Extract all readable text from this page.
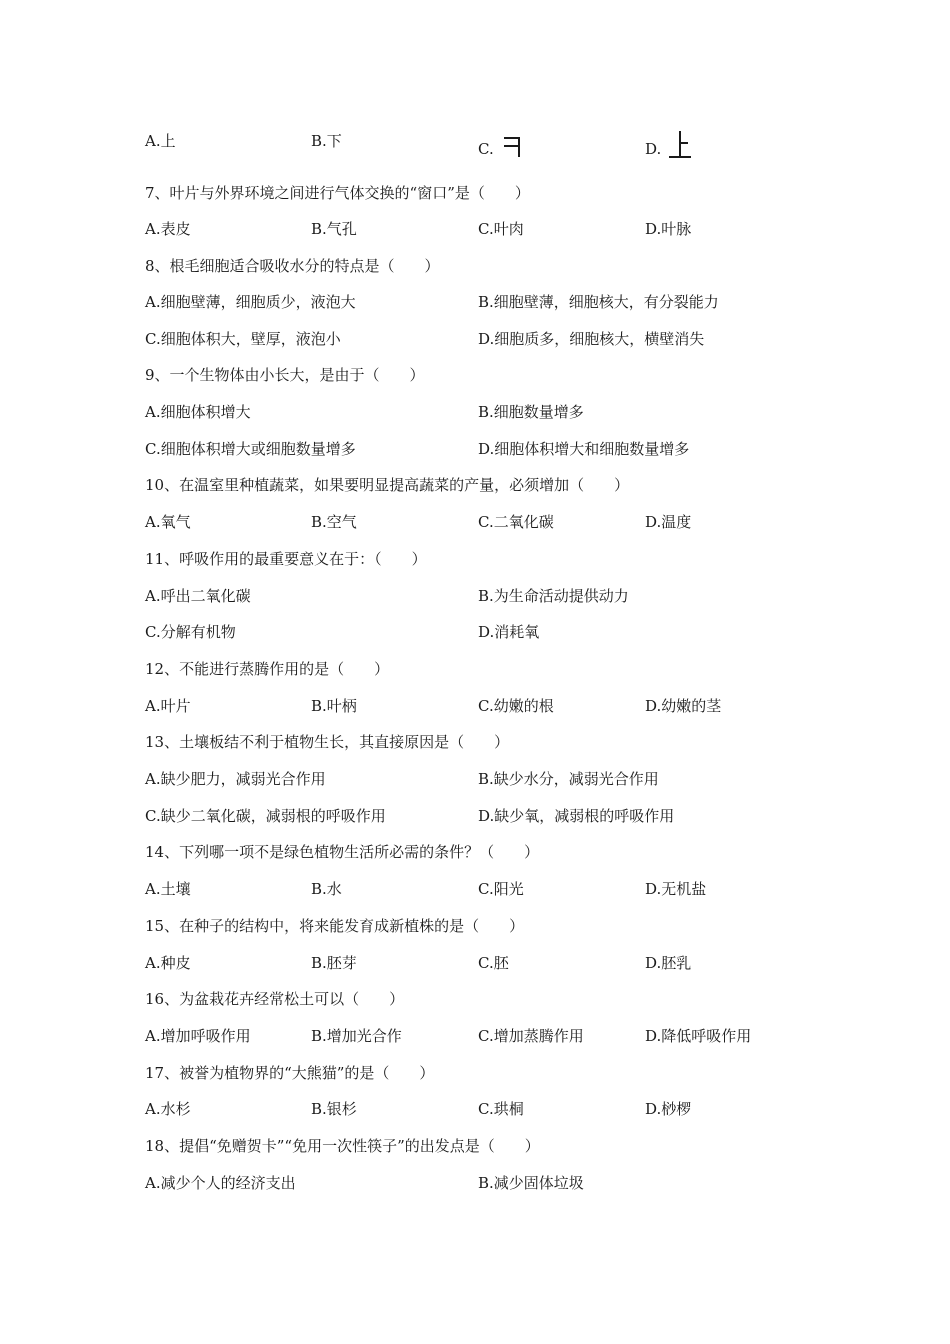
A.上	B.下	C.	D.
7、叶片与外界环境之间进行气体交换的“窗口”是（　　）
A.表皮	B.气孔	C.叶肉	D.叶脉
8、根毛细胞适合吸收水分的特点是（　　）
A.细胞壁薄，细胞质少，液泡大	B.细胞壁薄，细胞核大，有分裂能力
C.细胞体积大，壁厚，液泡小	D.细胞质多，细胞核大，横壁消失
9、一个生物体由小长大，是由于（　　）
A.细胞体积增大	B.细胞数量增多
C.细胞体积增大或细胞数量增多	D.细胞体积增大和细胞数量增多
10、在温室里种植蔬菜，如果要明显提高蔬菜的产量，必须增加（　　）
A.氧气	B.空气	C.二氧化碳	D.温度
11、呼吸作用的最重要意义在于：（　　）
A.呼出二氧化碳	B.为生命活动提供动力
C.分解有机物	D.消耗氧
12、不能进行蒸腾作用的是（　　）
A.叶片	B.叶柄	C.幼嫩的根	D.幼嫩的茎
13、土壤板结不利于植物生长，其直接原因是（　　）
A.缺少肥力，减弱光合作用	B.缺少水分，减弱光合作用
C.缺少二氧化碳，减弱根的呼吸作用	D.缺少氧，减弱根的呼吸作用
14、下列哪一项不是绿色植物生活所必需的条件？（　　）
A.土壤	B.水	C.阳光	D.无机盐
15、在种子的结构中，将来能发育成新植株的是（　　）
A.种皮	B.胚芽	C.胚	D.胚乳
16、为盆栽花卉经常松土可以（　　）
A.增加呼吸作用	B.增加光合作	C.增加蒸腾作用	D.降低呼吸作用
17、被誉为植物界的“大熊猫”的是（　　）
A.水杉	B.银杉	C.珙桐	D.桫椤
18、提倡“免赠贺卡”“免用一次性筷子”的出发点是（　　）
A.减少个人的经济支出	B.减少固体垃圾
